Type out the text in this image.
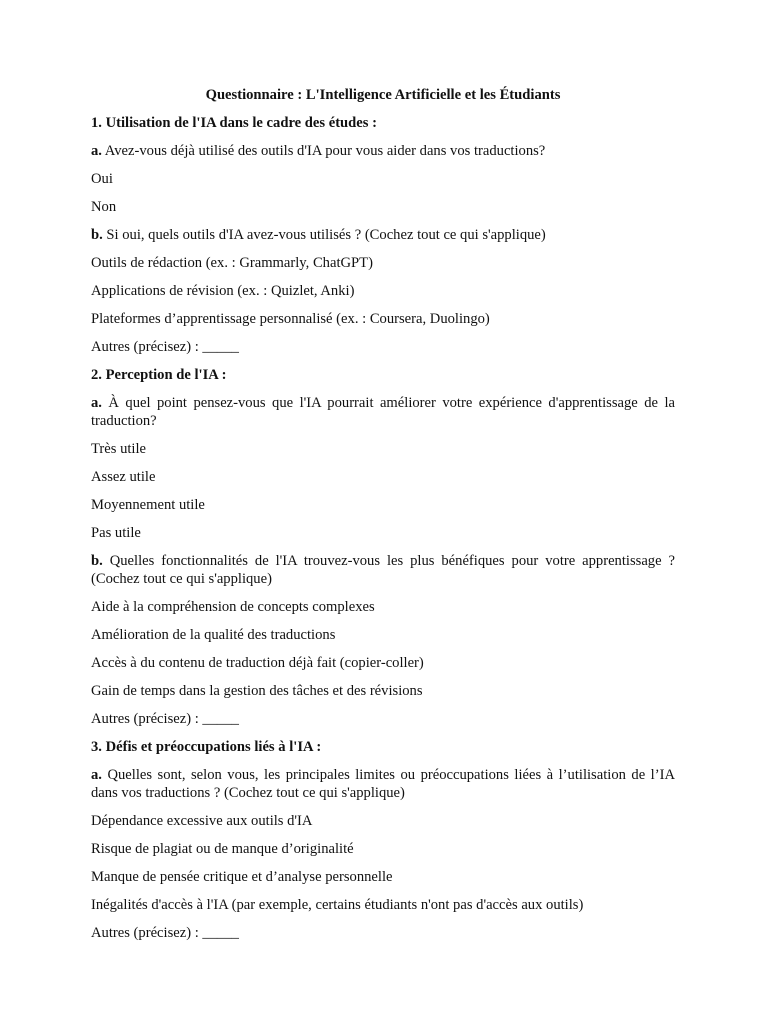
Questionnaire : L'Intelligence Artificielle et les Étudiants

1. Utilisation de l'IA dans le cadre des études :

a. Avez-vous déjà utilisé des outils d'IA pour vous aider dans vos traductions?

Oui

Non

b. Si oui, quels outils d'IA avez-vous utilisés ? (Cochez tout ce qui s'applique)

Outils de rédaction (ex. : Grammarly, ChatGPT)

Applications de révision (ex. : Quizlet, Anki)

Plateformes d’apprentissage personnalisé (ex. : Coursera, Duolingo)

Autres (précisez) : _____

2. Perception de l'IA :

a. À quel point pensez-vous que l'IA pourrait améliorer votre expérience d'apprentissage de la traduction?

Très utile

Assez utile

Moyennement utile

Pas utile

b. Quelles fonctionnalités de l'IA trouvez-vous les plus bénéfiques pour votre apprentissage ? (Cochez tout ce qui s'applique)

Aide à la compréhension de concepts complexes

Amélioration de la qualité des traductions

Accès à du contenu de traduction déjà fait (copier-coller)

Gain de temps dans la gestion des tâches et des révisions

Autres (précisez) : _____

3. Défis et préoccupations liés à l'IA :

a. Quelles sont, selon vous, les principales limites ou préoccupations liées à l’utilisation de l’IA dans vos traductions ? (Cochez tout ce qui s'applique)

Dépendance excessive aux outils d'IA

Risque de plagiat ou de manque d’originalité

Manque de pensée critique et d’analyse personnelle

Inégalités d'accès à l'IA (par exemple, certains étudiants n'ont pas d'accès aux outils)

Autres (précisez) : _____
